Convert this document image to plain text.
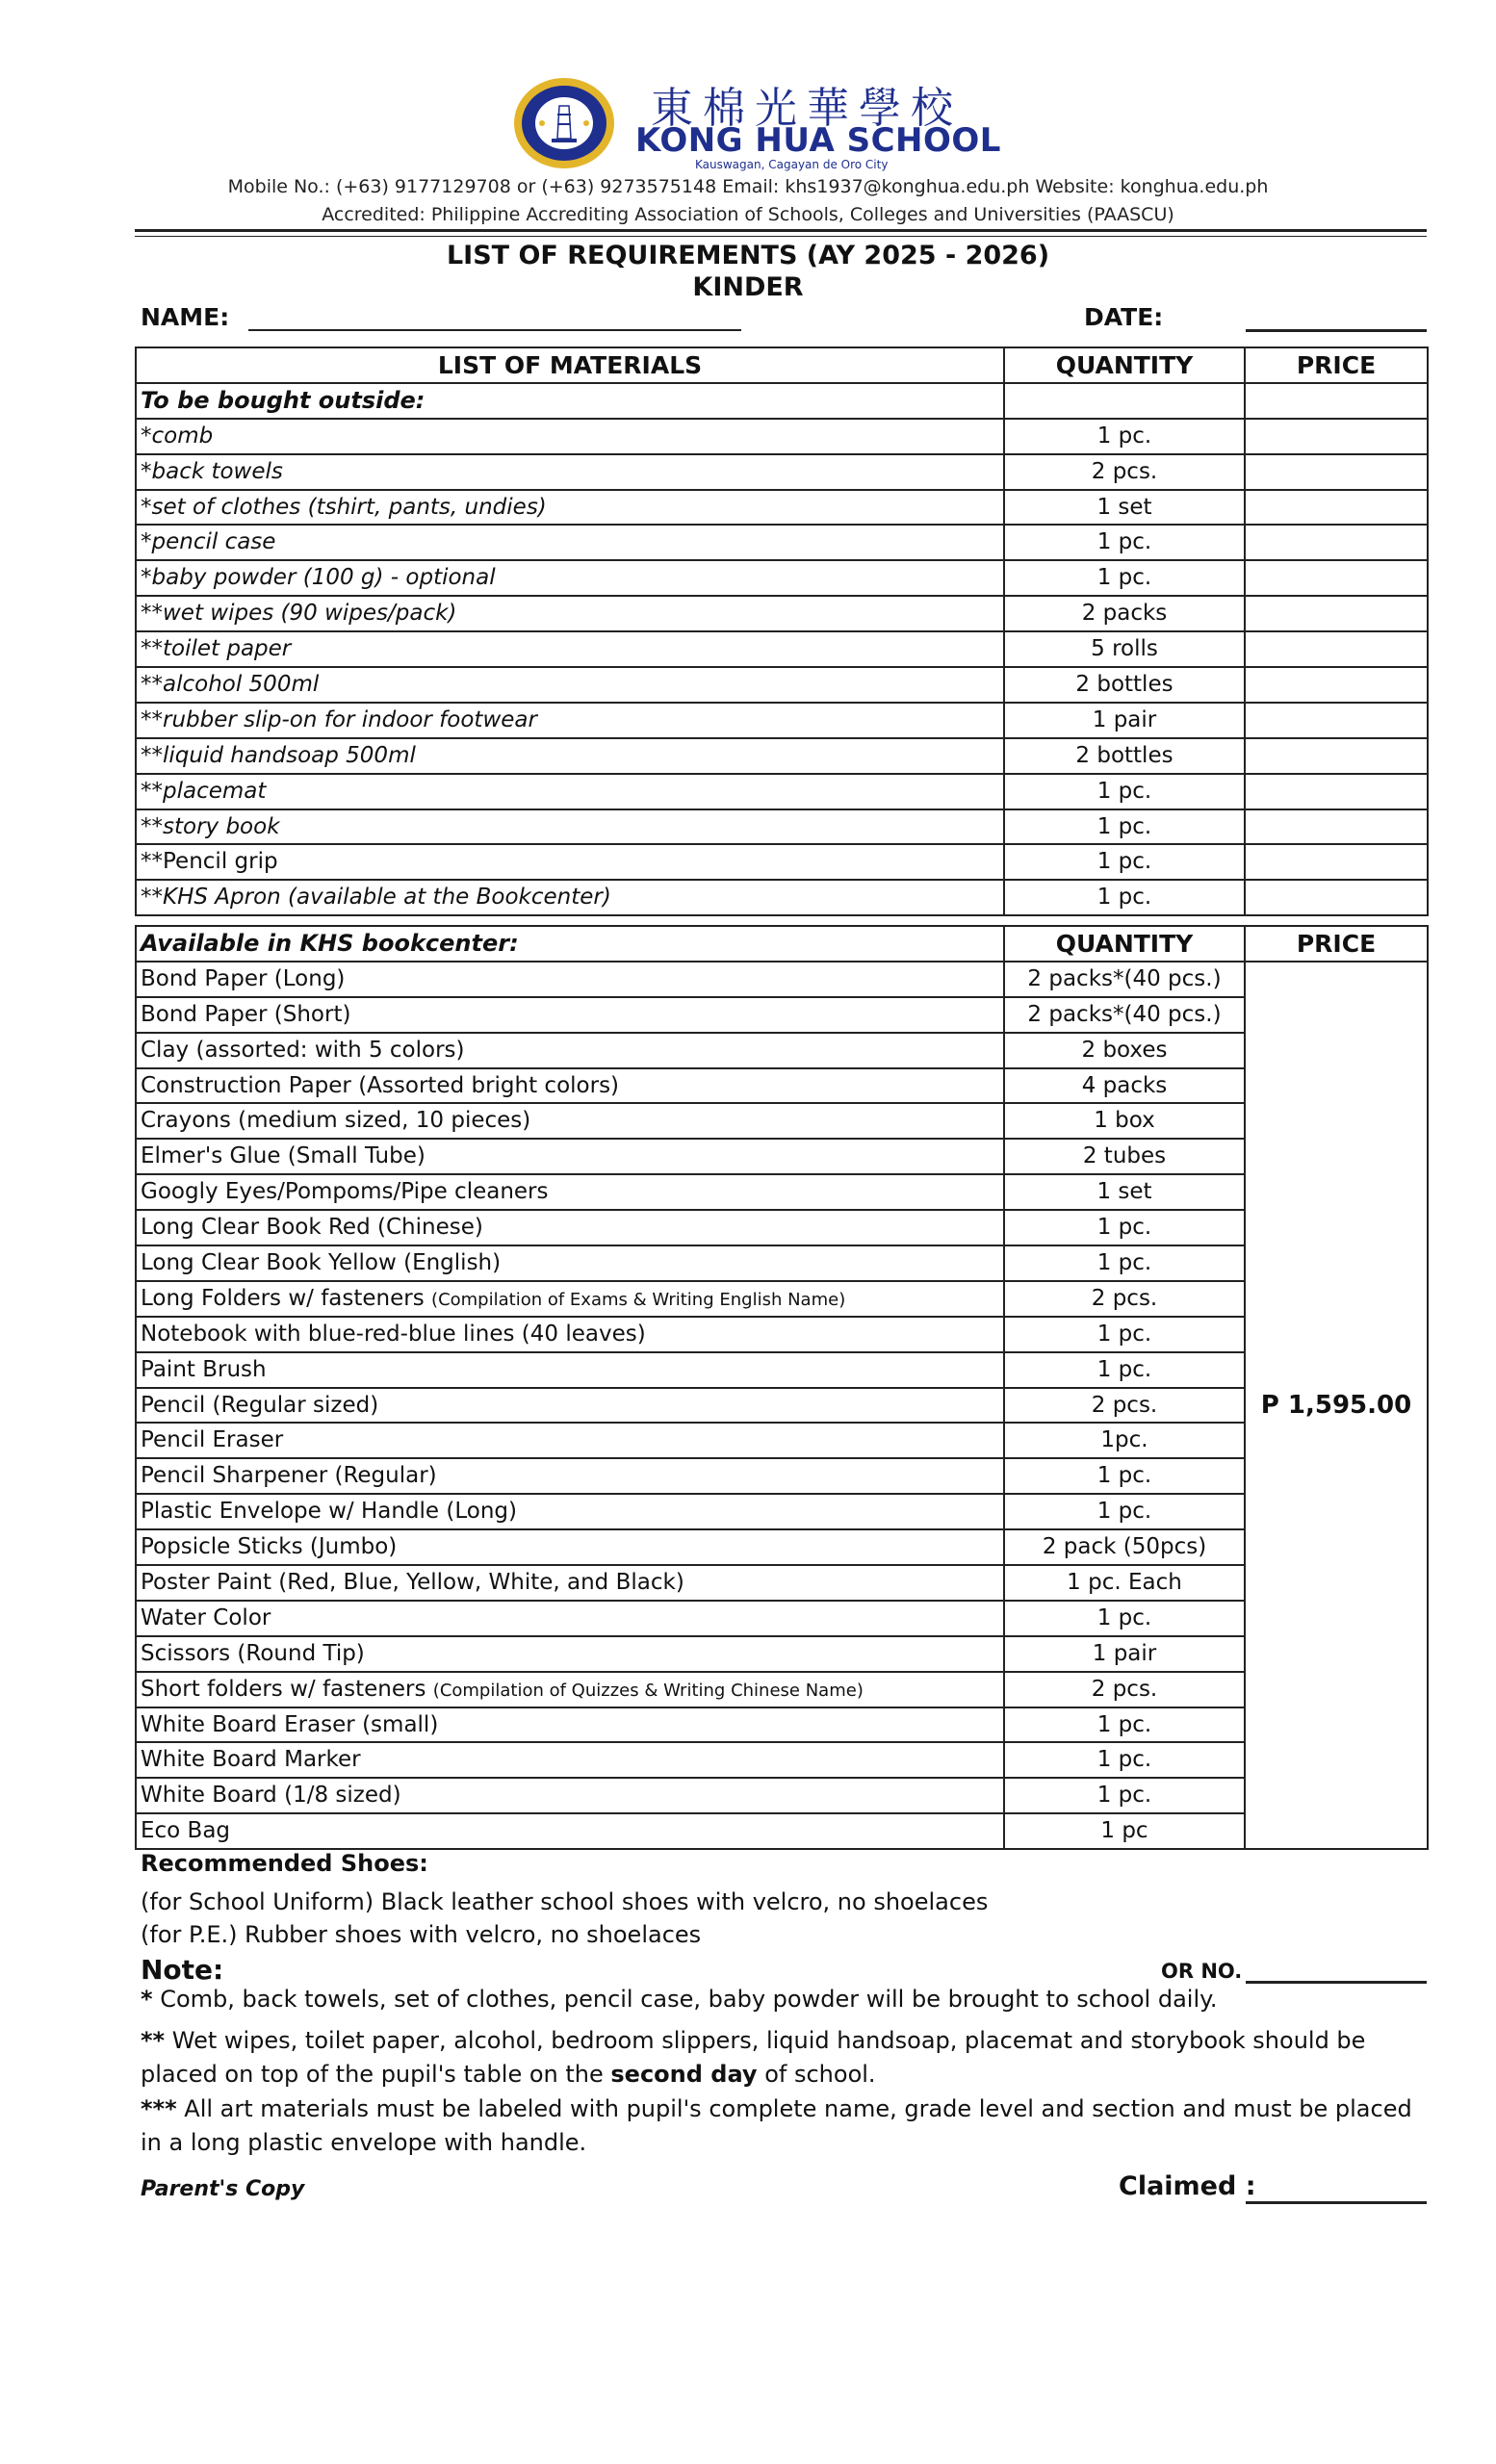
東棉光華學校
KONG HUA SCHOOL
Kauswagan, Cagayan de Oro City
Mobile No.: (+63) 9177129708 or (+63) 9273575148 Email: khs1937@konghua.edu.ph Website: konghua.edu.ph
Accredited: Philippine Accrediting Association of Schools, Colleges and Universities (PAASCU)
LIST OF REQUIREMENTS (AY 2025 - 2026)
KINDER
NAME:	DATE:
LIST OF MATERIALS	QUANTITY	PRICE
To be bought outside:		
*comb	1 pc.	
*back towels	2 pcs.	
*set of clothes (tshirt, pants, undies)	1 set	
*pencil case	1 pc.	
*baby powder (100 g) - optional	1 pc.	
**wet wipes (90 wipes/pack)	2 packs	
**toilet paper	5 rolls	
**alcohol 500ml	2 bottles	
**rubber slip-on for indoor footwear	1 pair	
**liquid handsoap 500ml	2 bottles	
**placemat	1 pc.	
**story book	1 pc.	
**Pencil grip	1 pc.	
**KHS Apron (available at the Bookcenter)	1 pc.	
Available in KHS bookcenter:	QUANTITY	PRICE
Bond Paper (Long)	2 packs*(40 pcs.)	P 1,595.00
Bond Paper (Short)	2 packs*(40 pcs.)	
Clay (assorted: with 5 colors)	2 boxes	
Construction Paper (Assorted bright colors)	4 packs	
Crayons (medium sized, 10 pieces)	1 box	
Elmer's Glue (Small Tube)	2 tubes	
Googly Eyes/Pompoms/Pipe cleaners	1 set	
Long Clear Book Red (Chinese)	1 pc.	
Long Clear Book Yellow (English)	1 pc.	
Long Folders w/ fasteners (Compilation of Exams & Writing English Name)	2 pcs.	
Notebook with blue-red-blue lines (40 leaves)	1 pc.	
Paint Brush	1 pc.	
Pencil (Regular sized)	2 pcs.	
Pencil Eraser	1pc.	
Pencil Sharpener (Regular)	1 pc.	
Plastic Envelope w/ Handle (Long)	1 pc.	
Popsicle Sticks (Jumbo)	2 pack (50pcs)	
Poster Paint (Red, Blue, Yellow, White, and Black)	1 pc. Each	
Water Color	1 pc.	
Scissors (Round Tip)	1 pair	
Short folders w/ fasteners (Compilation of Quizzes & Writing Chinese Name)	2 pcs.	
White Board Eraser (small)	1 pc.	
White Board Marker	1 pc.	
White Board (1/8 sized)	1 pc.	
Eco Bag	1 pc	
Recommended Shoes:
(for School Uniform) Black leather school shoes with velcro, no shoelaces
(for P.E.) Rubber shoes with velcro, no shoelaces
Note:	OR NO.
* Comb, back towels, set of clothes, pencil case, baby powder will be brought to school daily.
** Wet wipes, toilet paper, alcohol, bedroom slippers, liquid handsoap, placemat and storybook should be placed on top of the pupil's table on the second day of school.
*** All art materials must be labeled with pupil's complete name, grade level and section and must be placed in a long plastic envelope with handle.
Parent's Copy	Claimed :
